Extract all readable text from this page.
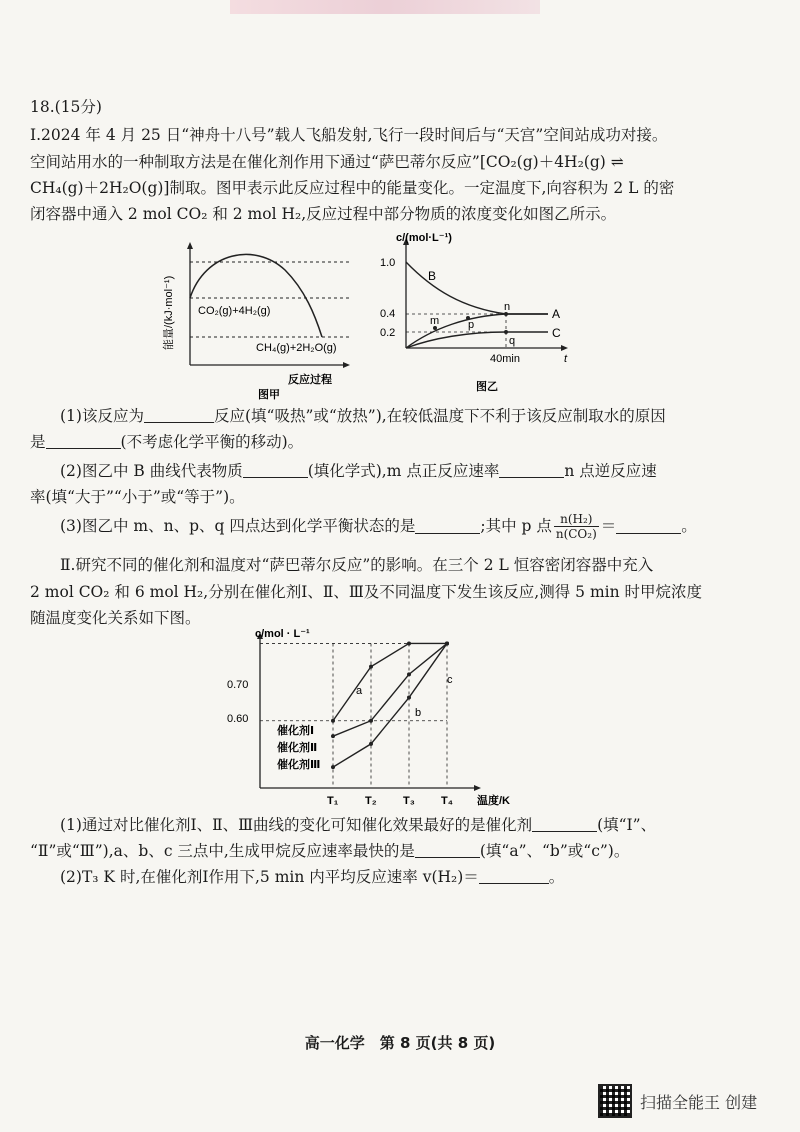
18.(15分)
Ⅰ.2024 年 4 月 25 日“神舟十八号”载人飞船发射,飞行一段时间后与“天宫”空间站成功对接。
空间站用水的一种制取方法是在催化剂作用下通过“萨巴蒂尔反应”[CO₂(g)＋4H₂(g) ⇌
CH₄(g)＋2H₂O(g)]制取。图甲表示此反应过程中的能量变化。一定温度下,向容积为 2 L 的密
闭容器中通入 2 mol CO₂ 和 2 mol H₂,反应过程中部分物质的浓度变化如图乙所示。
CO₂(g)+4H₂(g)
CH₄(g)+2H₂O(g)
能量/(kJ·mol⁻¹)
反应过程
图甲
c/(mol·L⁻¹)
1.0
0.4
0.2
B
A
C
m
n
p
q
40min	t
图乙
(1)该反应为	反应(填“吸热”或“放热”),在较低温度下不利于该反应制取水的原因
是	(不考虑化学平衡的移动)。
(2)图乙中 B 曲线代表物质	(填化学式),m 点正反应速率	n 点逆反应速
率(填“大于”“小于”或“等于”)。
(3)图乙中 m、n、p、q 四点达到化学平衡状态的是	;其中 p 点 $\frac{\text{n(H₂)}}{\text{n(CO₂)}}$ ＝	。
Ⅱ.研究不同的催化剂和温度对“萨巴蒂尔反应”的影响。在三个 2 L 恒容密闭容器中充入
2 mol CO₂ 和 6 mol H₂,分别在催化剂Ⅰ、Ⅱ、Ⅲ及不同温度下发生该反应,测得 5 min 时甲烷浓度
随温度变化关系如下图。
c/mol · L⁻¹
温度/K
0.70
0.60
T₁ T₂ T₃ T₄
催化剂Ⅰ
催化剂Ⅱ
催化剂Ⅲ
a
b
c
(1)通过对比催化剂Ⅰ、Ⅱ、Ⅲ曲线的变化可知催化效果最好的是催化剂	(填“Ⅰ”、
“Ⅱ”或“Ⅲ”),a、b、c 三点中,生成甲烷反应速率最快的是	(填“a”、“b”或“c”)。
(2)T₃ K 时,在催化剂Ⅰ作用下,5 min 内平均反应速率 v(H₂)＝	。
高一化学　第 8 页(共 8 页)
扫描全能王 创建
